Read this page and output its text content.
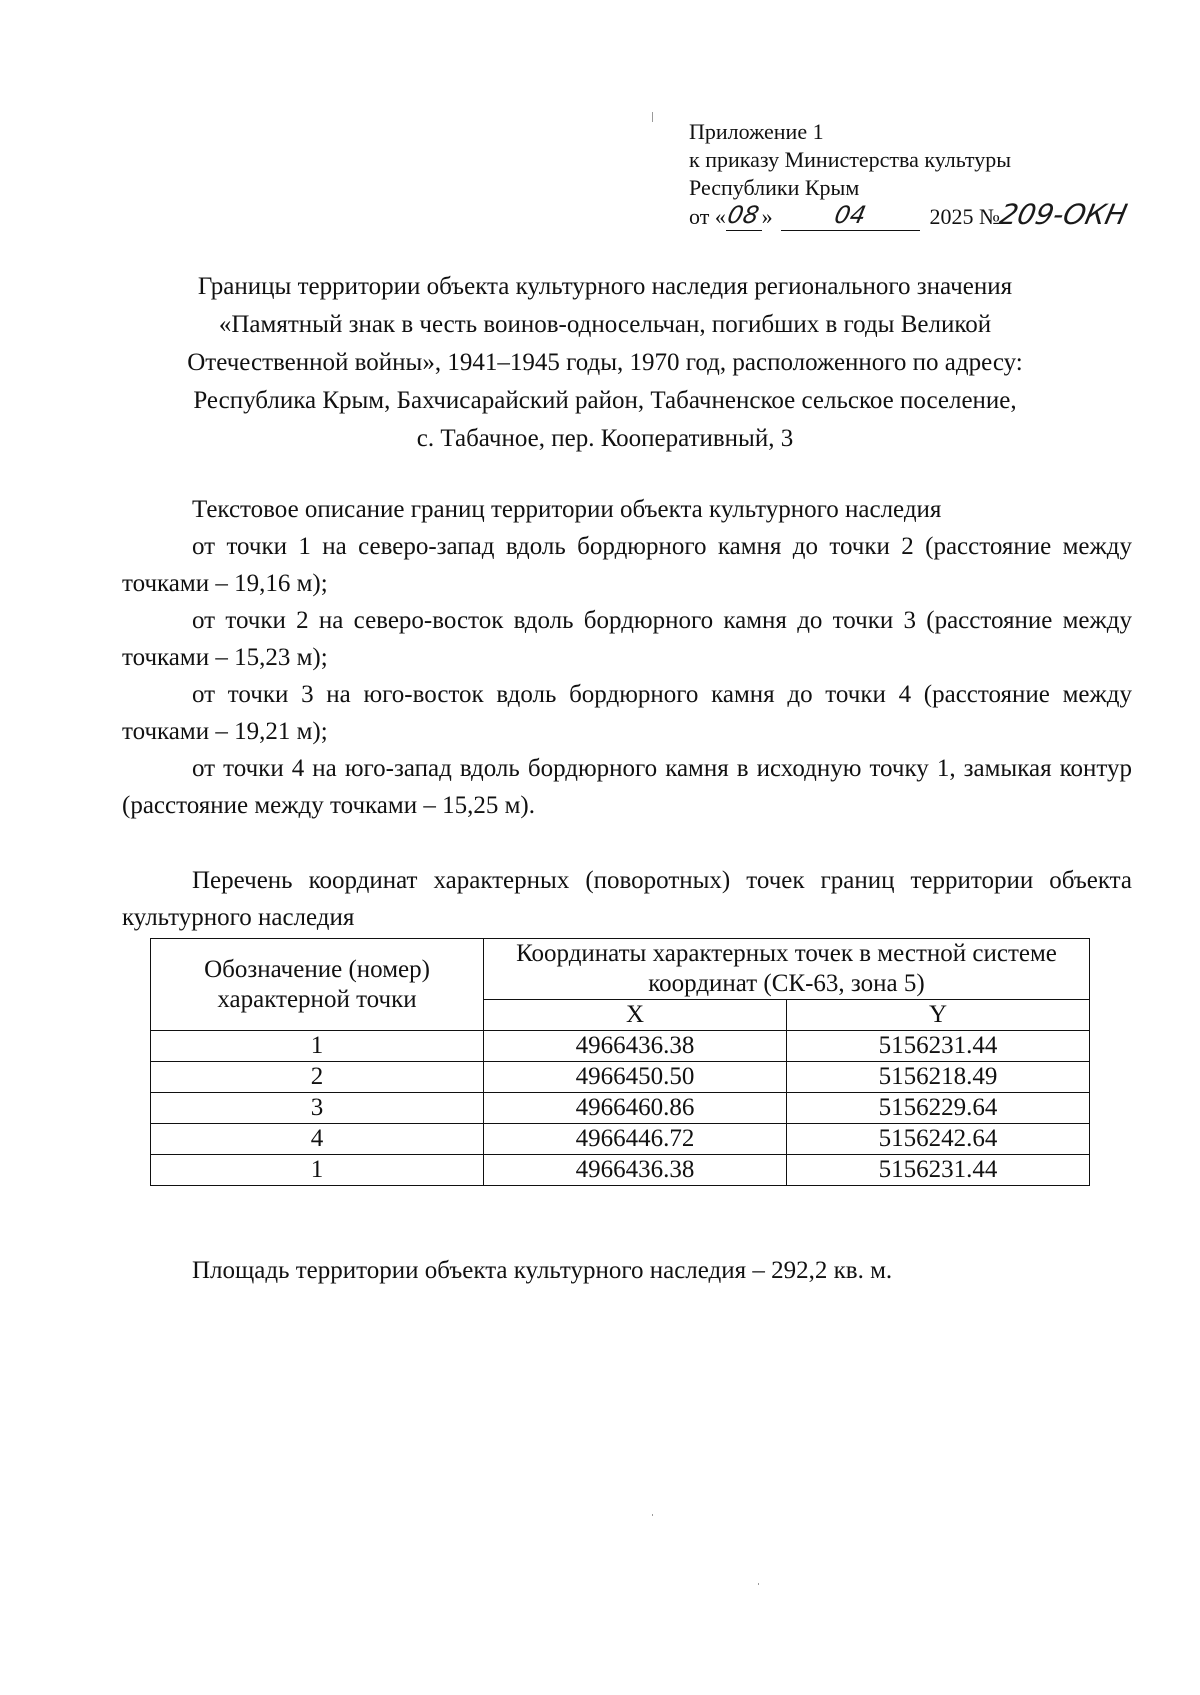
Приложение 1
к приказу Министерства культуры
Республики Крым
от « 08 »	04	2025 №
209-ОКН
Границы территории объекта культурного наследия регионального значения
«Памятный знак в честь воинов-односельчан, погибших в годы Великой
Отечественной войны», 1941–1945 годы, 1970 год, расположенного по адресу:
Республика Крым, Бахчисарайский район, Табачненское сельское поселение,
с. Табачное, пер. Кооперативный, 3
Текстовое описание границ территории объекта культурного наследия

от точки 1 на северо-запад вдоль бордюрного камня до точки 2 (расстояние между точками – 19,16 м);

от точки 2 на северо-восток вдоль бордюрного камня до точки 3 (расстояние между точками – 15,23 м);

от точки 3 на юго-восток вдоль бордюрного камня до точки 4 (расстояние между точками – 19,21 м);

от точки 4 на юго-запад вдоль бордюрного камня в исходную точку 1, замыкая контур (расстояние между точками – 15,25 м).

Перечень координат характерных (поворотных) точек границ территории объекта культурного наследия

Обозначение (номер) характерной точки	Координаты характерных точек в местной системе координат (СК-63, зона 5)	
	X	Y
1	4966436.38	5156231.44
2	4966450.50	5156218.49
3	4966460.86	5156229.64
4	4966446.72	5156242.64
1	4966436.38	5156231.44
Площадь территории объекта культурного наследия – 292,2 кв. м.
